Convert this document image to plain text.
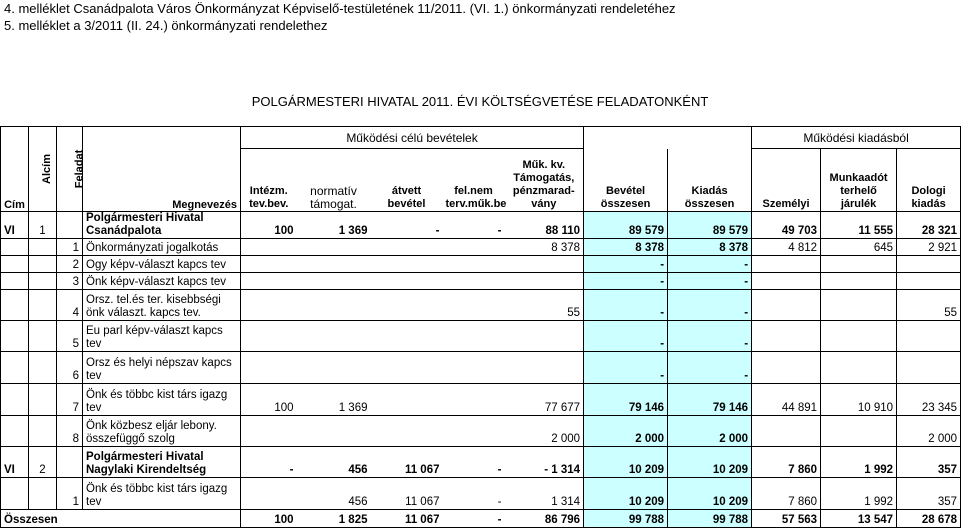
4. melléklet Csanádpalota Város Önkormányzat Képviselő-testületének 11/2011. (VI. 1.) önkormányzati rendeletéhez
5. melléklet a 3/2011 (II. 24.) önkormányzati rendelethez
POLGÁRMESTERI HIVATAL 2011. ÉVI KÖLTSÉGVETÉSE FELADATONKÉNT
Cím	Alcím	Feladat	Megnevezés	Működési célú bevételek							Működési kiadásból		
				Intézm. tev.bev.	normatív támogat.	átvett bevétel	fel.nem terv.műk.be	Műk. kv. Támogatás, pénzmarad-vány	Bevétel összesen	Kiadás összesen	Személyi	Munkaadót terhelő járulék	Dologi kiadás
VI	1		Polgármesteri Hivatal Csanádpalota	100	1 369	-	-	88 110	89 579	89 579	49 703	11 555	28 321
		1	Önkormányzati jogalkotás					8 378	8 378	8 378	4 812	645	2 921
		2	Ogy képv-választ kapcs tev						-	-			
		3	Önk képv-választ kapcs tev						-	-			
		4	Orsz. tel.és ter. kisebbségi önk választ. kapcs tev.					55	-	-			55
		5	Eu parl képv-választ kapcs tev						-	-			
		6	Orsz és helyi népszav kapcs tev						-	-			
		7	Önk és többc kist társ igazg tev	100	1 369			77 677	79 146	79 146	44 891	10 910	23 345
		8	Önk közbesz eljár lebony. összefüggő szolg					2 000	2 000	2 000			2 000
VI	2		Polgármesteri Hivatal Nagylaki Kirendeltség	-	456	11 067	-	- 1 314	10 209	10 209	7 860	1 992	357
		1	Önk és többc kist társ igazg tev		456	11 067	-	1 314	10 209	10 209	7 860	1 992	357
Összesen				100	1 825	11 067	-	86 796	99 788	99 788	57 563	13 547	28 678
